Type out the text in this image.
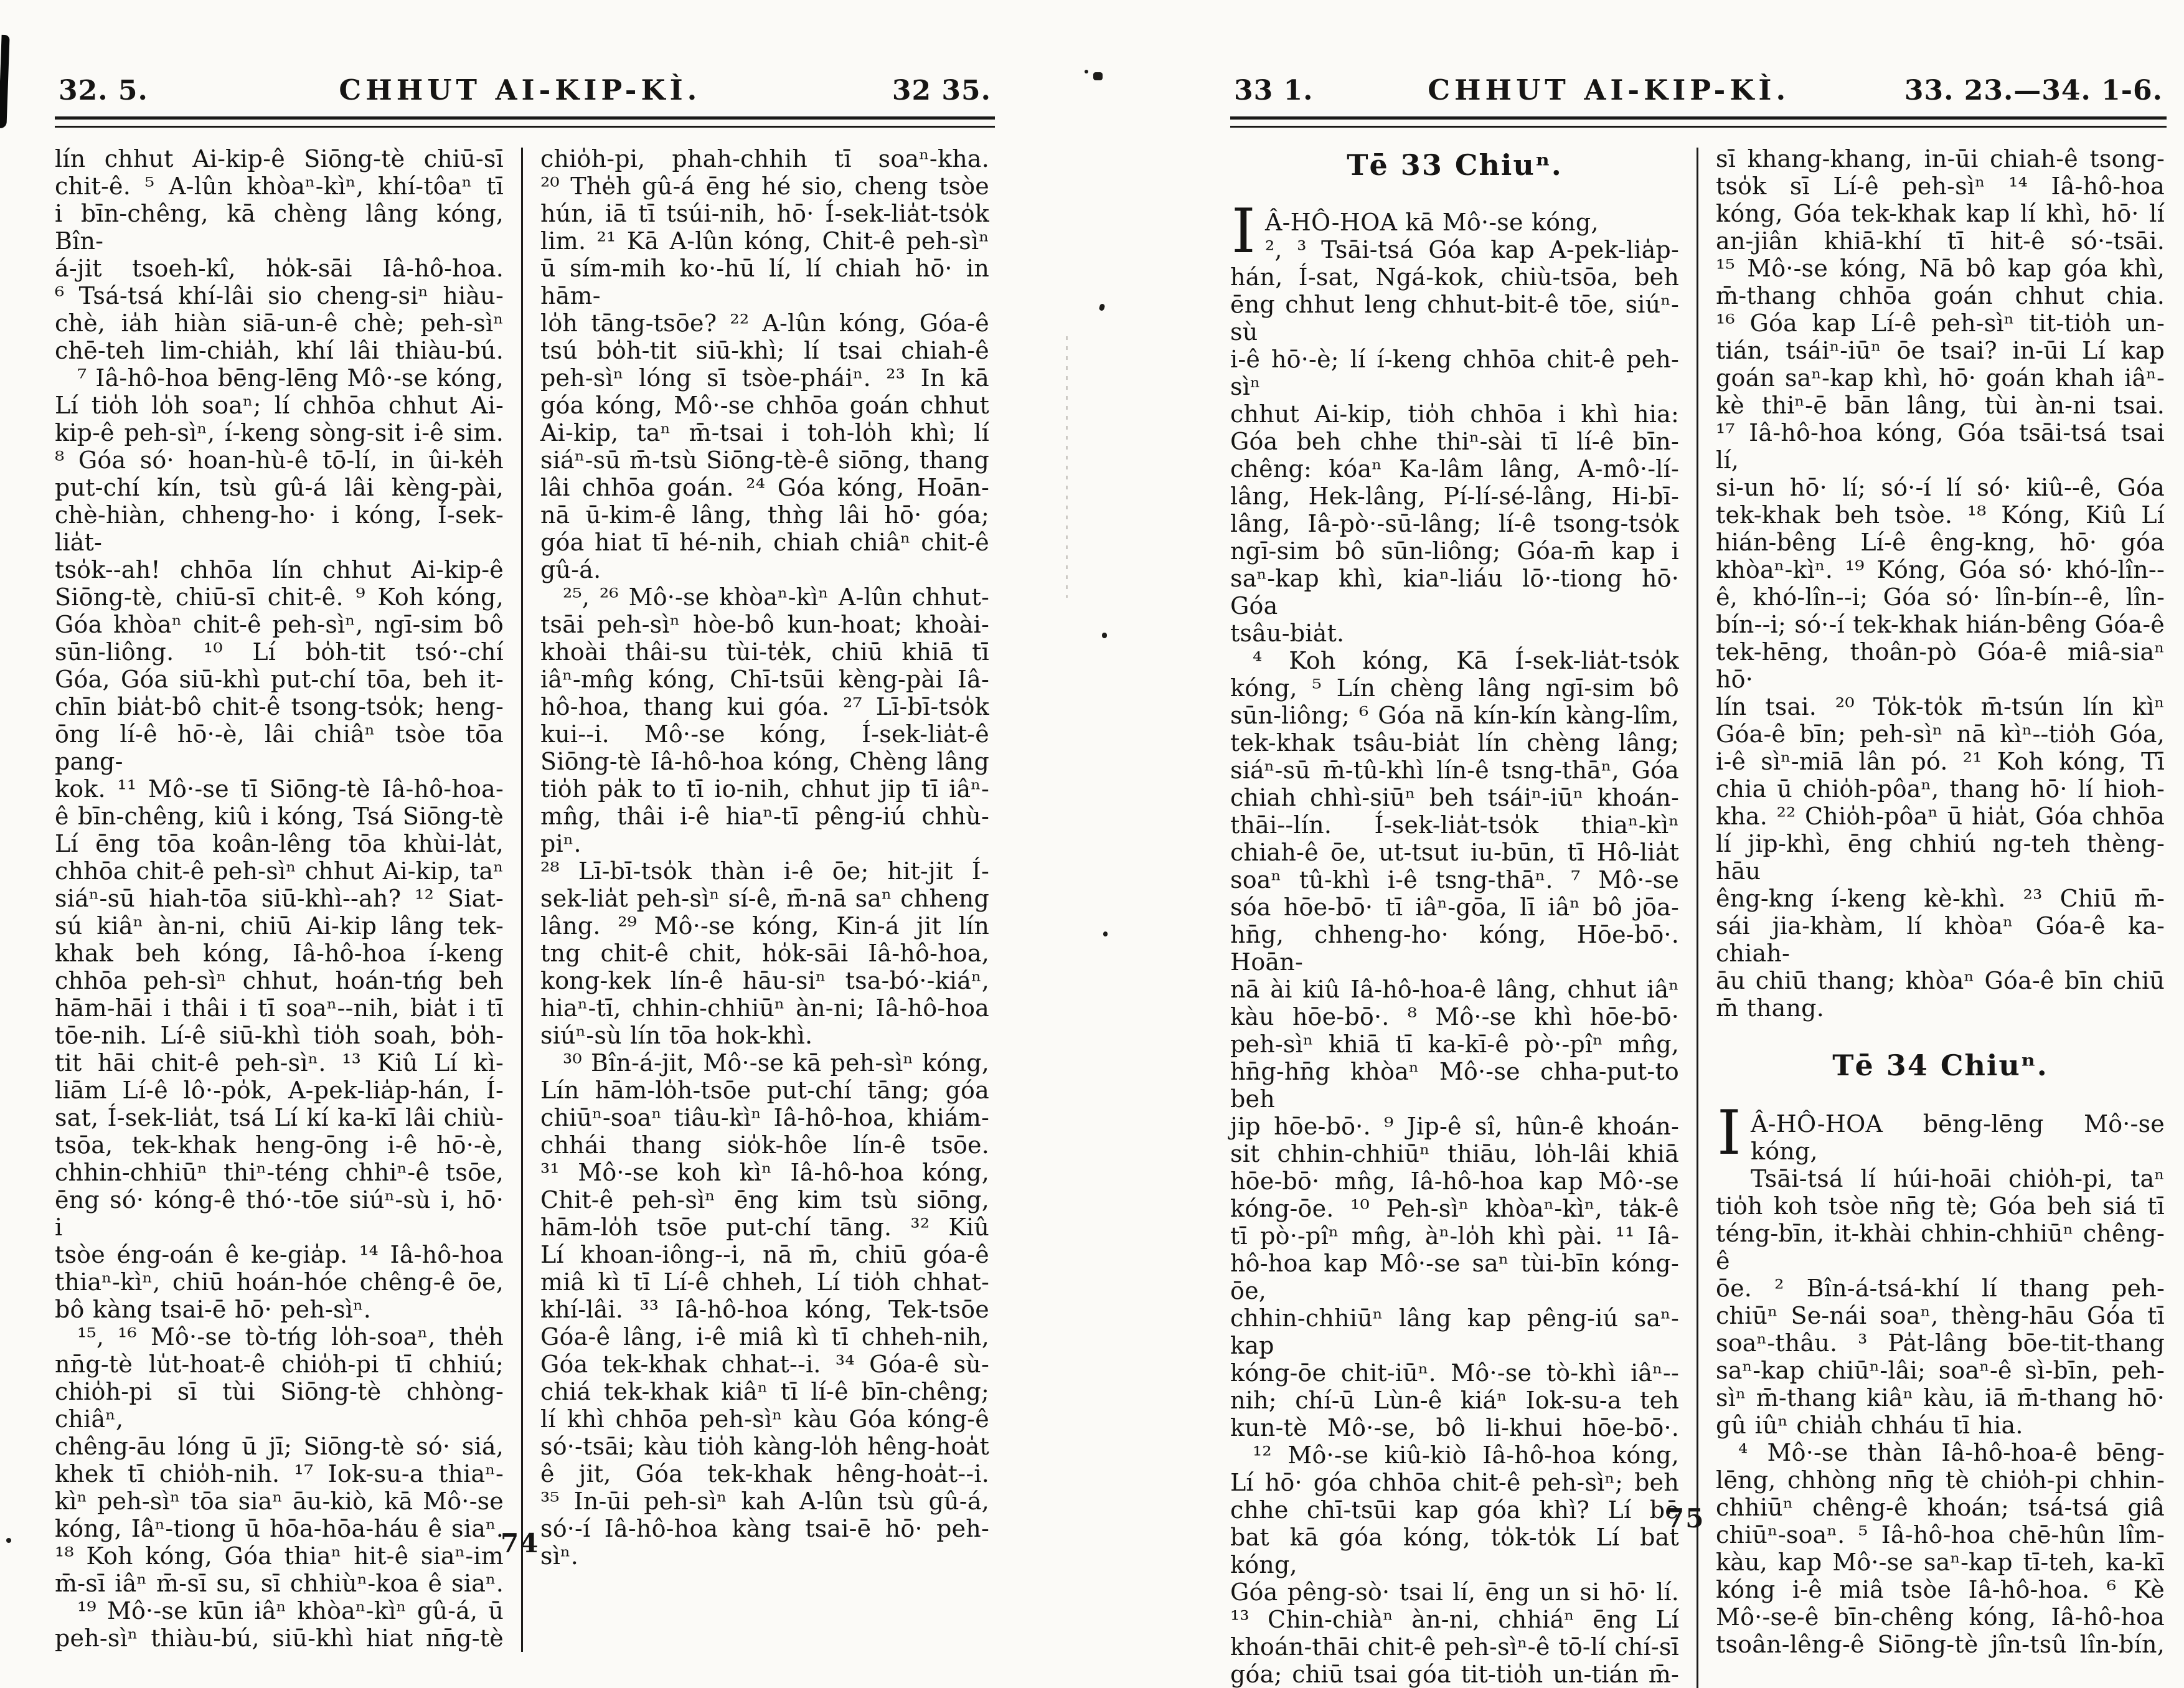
32. 5.	CHHUT AI-KIP-KÌ.	32 35.
lín chhut Ai-kip-ê Siōng-tè chiū-sī
chit-ê. ⁵ A-lûn khòaⁿ-kìⁿ, khí-tôaⁿ tī
i bīn-chêng, kā chèng lâng kóng, Bîn-
á-jit tsoeh-kî, ho̍k-sāi Iâ-hô-hoa.
⁶ Tsá-tsá khí-lâi sio cheng-siⁿ hiàu-
chè, ia̍h hiàn siā-un-ê chè; peh-sìⁿ
chē-teh lim-chia̍h, khí lâi thiàu-bú.
⁷ Iâ-hô-hoa bēng-lēng Mô·-se kóng,
Lí tio̍h lo̍h soaⁿ; lí chhōa chhut Ai-
kip-ê peh-sìⁿ, í-keng sòng-sit i-ê sim.
⁸ Góa só· hoan-hù-ê tō-lí, in ûi-ke̍h
put-chí kín, tsù gû-á lâi kèng-pài,
chè-hiàn, chheng-ho· i kóng, Í-sek-lia̍t-
tso̍k--ah! chhōa lín chhut Ai-kip-ê
Siōng-tè, chiū-sī chit-ê. ⁹ Koh kóng,
Góa khòaⁿ chit-ê peh-sìⁿ, ngī-sim bô
sūn-liông. ¹⁰ Lí bo̍h-tit tsó·-chí
Góa, Góa siū-khì put-chí tōa, beh it-
chīn bia̍t-bô chit-ê tsong-tso̍k; heng-
ōng lí-ê hō·-è, lâi chiâⁿ tsòe tōa pang-
kok. ¹¹ Mô·-se tī Siōng-tè Iâ-hô-hoa-
ê bīn-chêng, kiû i kóng, Tsá Siōng-tè
Lí ēng tōa koân-lêng tōa khùi-la̍t,
chhōa chit-ê peh-sìⁿ chhut Ai-kip, taⁿ
siáⁿ-sū hiah-tōa siū-khì--ah? ¹² Siat-
sú kiâⁿ àn-ni, chiū Ai-kip lâng tek-
khak beh kóng, Iâ-hô-hoa í-keng
chhōa peh-sìⁿ chhut, hoán-tńg beh
hām-hāi i thâi i tī soaⁿ--nih, bia̍t i tī
tōe-nih. Lí-ê siū-khì tio̍h soah, bo̍h-
tit hāi chit-ê peh-sìⁿ. ¹³ Kiû Lí kì-
liām Lí-ê lô·-po̍k, A-pek-lia̍p-hán, Í-
sat, Í-sek-lia̍t, tsá Lí kí ka-kī lâi chiù-
tsōa, tek-khak heng-ōng i-ê hō·-è,
chhin-chhiūⁿ thiⁿ-téng chhiⁿ-ê tsōe,
ēng só· kóng-ê thó·-tōe siúⁿ-sù i, hō· i
tsòe éng-oán ê ke-gia̍p. ¹⁴ Iâ-hô-hoa
thiaⁿ-kìⁿ, chiū hoán-hóe chêng-ê ōe,
bô kàng tsai-ē hō· peh-sìⁿ.
¹⁵, ¹⁶ Mô·-se tò-tńg lo̍h-soaⁿ, the̍h
nn̄g-tè lu̍t-hoat-ê chio̍h-pi tī chhiú;
chio̍h-pi sī tùi Siōng-tè chhòng-chiâⁿ,
chêng-āu lóng ū jī; Siōng-tè só· siá,
khek tī chio̍h-nih. ¹⁷ Iok-su-a thiaⁿ-
kìⁿ peh-sìⁿ tōa siaⁿ āu-kiò, kā Mô·-se
kóng, Iâⁿ-tiong ū hōa-hōa-háu ê siaⁿ.
¹⁸ Koh kóng, Góa thiaⁿ hit-ê siaⁿ-im
m̄-sī iâⁿ m̄-sī su, sī chhiùⁿ-koa ê siaⁿ.
¹⁹ Mô·-se kūn iâⁿ khòaⁿ-kìⁿ gû-á, ū
peh-sìⁿ thiàu-bú, siū-khì hiat nn̄g-tè
chio̍h-pi, phah-chhih tī soaⁿ-kha.
²⁰ The̍h gû-á ēng hé sio, cheng tsòe
hún, iā tī tsúi-nih, hō· Í-sek-lia̍t-tso̍k
lim. ²¹ Kā A-lûn kóng, Chit-ê peh-sìⁿ
ū sím-mih ko·-hū lí, lí chiah hō· in hām-
lo̍h tāng-tsōe? ²² A-lûn kóng, Góa-ê
tsú bo̍h-tit siū-khì; lí tsai chiah-ê
peh-sìⁿ lóng sī tsòe-pháiⁿ. ²³ In kā
góa kóng, Mô·-se chhōa goán chhut
Ai-kip, taⁿ m̄-tsai i toh-lo̍h khì; lí
siáⁿ-sū m̄-tsù Siōng-tè-ê siōng, thang
lâi chhōa goán. ²⁴ Góa kóng, Hoān-
nā ū-kim-ê lâng, thǹg lâi hō· góa;
góa hiat tī hé-nih, chiah chiâⁿ chit-ê
gû-á.
²⁵, ²⁶ Mô·-se khòaⁿ-kìⁿ A-lûn chhut-
tsāi peh-sìⁿ hòe-bô kun-hoat; khoài-
khoài thâi-su tùi-te̍k, chiū khiā tī
iâⁿ-mn̂g kóng, Chī-tsūi kèng-pài Iâ-
hô-hoa, thang kui góa. ²⁷ Lī-bī-tso̍k
kui--i. Mô·-se kóng, Í-sek-lia̍t-ê
Siōng-tè Iâ-hô-hoa kóng, Chèng lâng
tio̍h pa̍k to tī io-nih, chhut jip tī iâⁿ-
mn̂g, thâi i-ê hiaⁿ-tī pêng-iú chhù-piⁿ.
²⁸ Lī-bī-tso̍k thàn i-ê ōe; hit-jit Í-
sek-lia̍t peh-sìⁿ sí-ê, m̄-nā saⁿ chheng
lâng. ²⁹ Mô·-se kóng, Kin-á jit lín
tng chit-ê chit, ho̍k-sāi Iâ-hô-hoa,
kong-kek lín-ê hāu-siⁿ tsa-bó·-kiáⁿ,
hiaⁿ-tī, chhin-chhiūⁿ àn-ni; Iâ-hô-hoa
siúⁿ-sù lín tōa hok-khì.
³⁰ Bîn-á-jit, Mô·-se kā peh-sìⁿ kóng,
Lín hām-lo̍h-tsōe put-chí tāng; góa
chiūⁿ-soaⁿ tiâu-kìⁿ Iâ-hô-hoa, khiám-
chhái thang sio̍k-hôe lín-ê tsōe.
³¹ Mô·-se koh kìⁿ Iâ-hô-hoa kóng,
Chit-ê peh-sìⁿ ēng kim tsù siōng,
hām-lo̍h tsōe put-chí tāng. ³² Kiû
Lí khoan-iông--i, nā m̄, chiū góa-ê
miâ kì tī Lí-ê chheh, Lí tio̍h chhat-
khí-lâi. ³³ Iâ-hô-hoa kóng, Tek-tsōe
Góa-ê lâng, i-ê miâ kì tī chheh-nih,
Góa tek-khak chhat--i. ³⁴ Góa-ê sù-
chiá tek-khak kiâⁿ tī lí-ê bīn-chêng;
lí khì chhōa peh-sìⁿ kàu Góa kóng-ê
só·-tsāi; kàu tio̍h kàng-lo̍h hêng-hoa̍t
ê jit, Góa tek-khak hêng-hoa̍t--i.
³⁵ In-ūi peh-sìⁿ kah A-lûn tsù gû-á,
só·-í Iâ-hô-hoa kàng tsai-ē hō· peh-sìⁿ.
74
33 1.	CHHUT AI-KIP-KÌ.	33. 23.—34. 1-6.
Tē 33 Chiuⁿ.
I Â-HÔ-HOA kā Mô·-se kóng,
², ³ Tsāi-tsá Góa kap A-pek-lia̍p-
hán, Í-sat, Ngá-kok, chiù-tsōa, beh
ēng chhut leng chhut-bit-ê tōe, siúⁿ-sù
i-ê hō·-è; lí í-keng chhōa chit-ê peh-sìⁿ
chhut Ai-kip, tio̍h chhōa i khì hia:
Góa beh chhe thiⁿ-sài tī lí-ê bīn-
chêng: kóaⁿ Ka-lâm lâng, A-mô·-lí-
lâng, Hek-lâng, Pí-lí-sé-lâng, Hi-bī-
lâng, Iâ-pò·-sū-lâng; lí-ê tsong-tso̍k
ngī-sim bô sūn-liông; Góa-m̄ kap i
saⁿ-kap khì, kiaⁿ-liáu lō·-tiong hō· Góa
tsâu-bia̍t.
⁴ Koh kóng, Kā Í-sek-lia̍t-tso̍k
kóng, ⁵ Lín chèng lâng ngī-sim bô
sūn-liông; ⁶ Góa nā kín-kín kàng-lîm,
tek-khak tsâu-bia̍t lín chèng lâng;
siáⁿ-sū m̄-tû-khì lín-ê tsng-thāⁿ, Góa
chiah chhì-siūⁿ beh tsáiⁿ-iūⁿ khoán-
thāi--lín. Í-sek-lia̍t-tso̍k thiaⁿ-kìⁿ
chiah-ê ōe, ut-tsut iu-būn, tī Hô-lia̍t
soaⁿ tû-khì i-ê tsng-thāⁿ. ⁷ Mô·-se
sóa hōe-bō· tī iâⁿ-gōa, lī iâⁿ bô jōa-
hn̄g, chheng-ho· kóng, Hōe-bō·. Hoān-
nā ài kiû Iâ-hô-hoa-ê lâng, chhut iâⁿ
kàu hōe-bō·. ⁸ Mô·-se khì hōe-bō·
peh-sìⁿ khiā tī ka-kī-ê pò·-pîⁿ mn̂g,
hn̄g-hn̄g khòaⁿ Mô·-se chha-put-to beh
jip hōe-bō·. ⁹ Jip-ê sî, hûn-ê khoán-
sit chhin-chhiūⁿ thiāu, lo̍h-lâi khiā
hōe-bō· mn̂g, Iâ-hô-hoa kap Mô·-se
kóng-ōe. ¹⁰ Peh-sìⁿ khòaⁿ-kìⁿ, ta̍k-ê
tī pò·-pîⁿ mn̂g, àⁿ-lo̍h khì pài. ¹¹ Iâ-
hô-hoa kap Mô·-se saⁿ tùi-bīn kóng-ōe,
chhin-chhiūⁿ lâng kap pêng-iú saⁿ-kap
kóng-ōe chit-iūⁿ. Mô·-se tò-khì iâⁿ--
nih; chí-ū Lùn-ê kiáⁿ Iok-su-a teh
kun-tè Mô·-se, bô li-khui hōe-bō·.
¹² Mô·-se kiû-kiò Iâ-hô-hoa kóng,
Lí hō· góa chhōa chit-ê peh-sìⁿ; beh
chhe chī-tsūi kap góa khì? Lí bē
bat kā góa kóng, to̍k-to̍k Lí bat kóng,
Góa pêng-sò· tsai lí, ēng un si hō· lí.
¹³ Chin-chiàⁿ àn-ni, chhiáⁿ ēng Lí
khoán-thāi chit-ê peh-sìⁿ-ê tō-lí chí-sī
góa; chiū tsai góa tit-tio̍h un-tián m̄-
sī khang-khang, in-ūi chiah-ê tsong-
tso̍k sī Lí-ê peh-sìⁿ ¹⁴ Iâ-hô-hoa
kóng, Góa tek-khak kap lí khì, hō· lí
an-jiân khiā-khí tī hit-ê só·-tsāi.
¹⁵ Mô·-se kóng, Nā bô kap góa khì,
m̄-thang chhōa goán chhut chia.
¹⁶ Góa kap Lí-ê peh-sìⁿ tit-tio̍h un-
tián, tsáiⁿ-iūⁿ ōe tsai? in-ūi Lí kap
goán saⁿ-kap khì, hō· goán khah iâⁿ-
kè thiⁿ-ē bān lâng, tùi àn-ni tsai.
¹⁷ Iâ-hô-hoa kóng, Góa tsāi-tsá tsai lí,
si-un hō· lí; só·-í lí só· kiû--ê, Góa
tek-khak beh tsòe. ¹⁸ Kóng, Kiû Lí
hián-bêng Lí-ê êng-kng, hō· góa
khòaⁿ-kìⁿ. ¹⁹ Kóng, Góa só· khó-lîn--
ê, khó-lîn--i; Góa só· lîn-bín--ê, lîn-
bín--i; só·-í tek-khak hián-bêng Góa-ê
tek-hēng, thoân-pò Góa-ê miâ-siaⁿ hō·
lín tsai. ²⁰ To̍k-to̍k m̄-tsún lín kìⁿ
Góa-ê bīn; peh-sìⁿ nā kìⁿ--tio̍h Góa,
i-ê sìⁿ-miā lân pó. ²¹ Koh kóng, Tī
chia ū chio̍h-pôaⁿ, thang hō· lí hioh-
kha. ²² Chio̍h-pôaⁿ ū hia̍t, Góa chhōa
lí jip-khì, ēng chhiú ng-teh thèng-hāu
êng-kng í-keng kè-khì. ²³ Chiū m̄-
sái jia-khàm, lí khòaⁿ Góa-ê ka-chiah-
āu chiū thang; khòaⁿ Góa-ê bīn chiū
m̄ thang.
Tē 34 Chiuⁿ.
I Â-HÔ-HOA bēng-lēng Mô·-se kóng,
Tsāi-tsá lí húi-hoāi chio̍h-pi, taⁿ
tio̍h koh tsòe nn̄g tè; Góa beh siá tī
téng-bīn, it-khài chhin-chhiūⁿ chêng-ê
ōe. ² Bîn-á-tsá-khí lí thang peh-
chiūⁿ Se-nái soaⁿ, thèng-hāu Góa tī
soaⁿ-thâu. ³ Pa̍t-lâng bōe-tit-thang
saⁿ-kap chiūⁿ-lâi; soaⁿ-ê sì-bīn, peh-
sìⁿ m̄-thang kiâⁿ kàu, iā m̄-thang hō·
gû iûⁿ chia̍h chháu tī hia.
⁴ Mô·-se thàn Iâ-hô-hoa-ê bēng-
lēng, chhòng nn̄g tè chio̍h-pi chhin-
chhiūⁿ chêng-ê khoán; tsá-tsá giâ
chiūⁿ-soaⁿ. ⁵ Iâ-hô-hoa chē-hûn lîm-
kàu, kap Mô·-se saⁿ-kap tī-teh, ka-kī
kóng i-ê miâ tsòe Iâ-hô-hoa. ⁶ Kè
Mô·-se-ê bīn-chêng kóng, Iâ-hô-hoa
tsoân-lêng-ê Siōng-tè jîn-tsû lîn-bín,
75
